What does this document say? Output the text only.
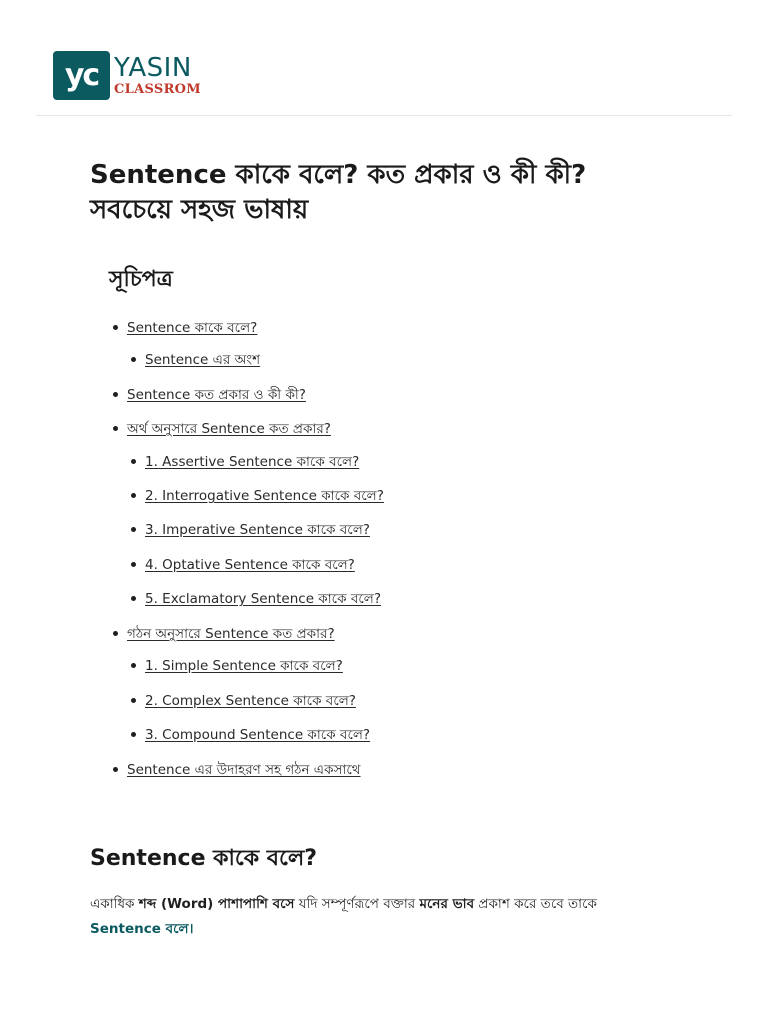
yc YASIN
CLASSROM
Sentence কাকে বলে? কত প্রকার ও কী কী? সবচেয়ে সহজ ভাষায়
সূচিপত্র
Sentence কাকে বলে?
Sentence এর অংশ
Sentence কত প্রকার ও কী কী?
অর্থ অনুসারে Sentence কত প্রকার?
1. Assertive Sentence কাকে বলে?
2. Interrogative Sentence কাকে বলে?
3. Imperative Sentence কাকে বলে?
4. Optative Sentence কাকে বলে?
5. Exclamatory Sentence কাকে বলে?
গঠন অনুসারে Sentence কত প্রকার?
1. Simple Sentence কাকে বলে?
2. Complex Sentence কাকে বলে?
3. Compound Sentence কাকে বলে?
Sentence এর উদাহরণ সহ গঠন একসাথে
Sentence কাকে বলে?

একাধিক শব্দ (Word) পাশাপাশি বসে যদি সম্পূর্ণরূপে বক্তার মনের ভাব প্রকাশ করে তবে তাকে
Sentence বলে।
